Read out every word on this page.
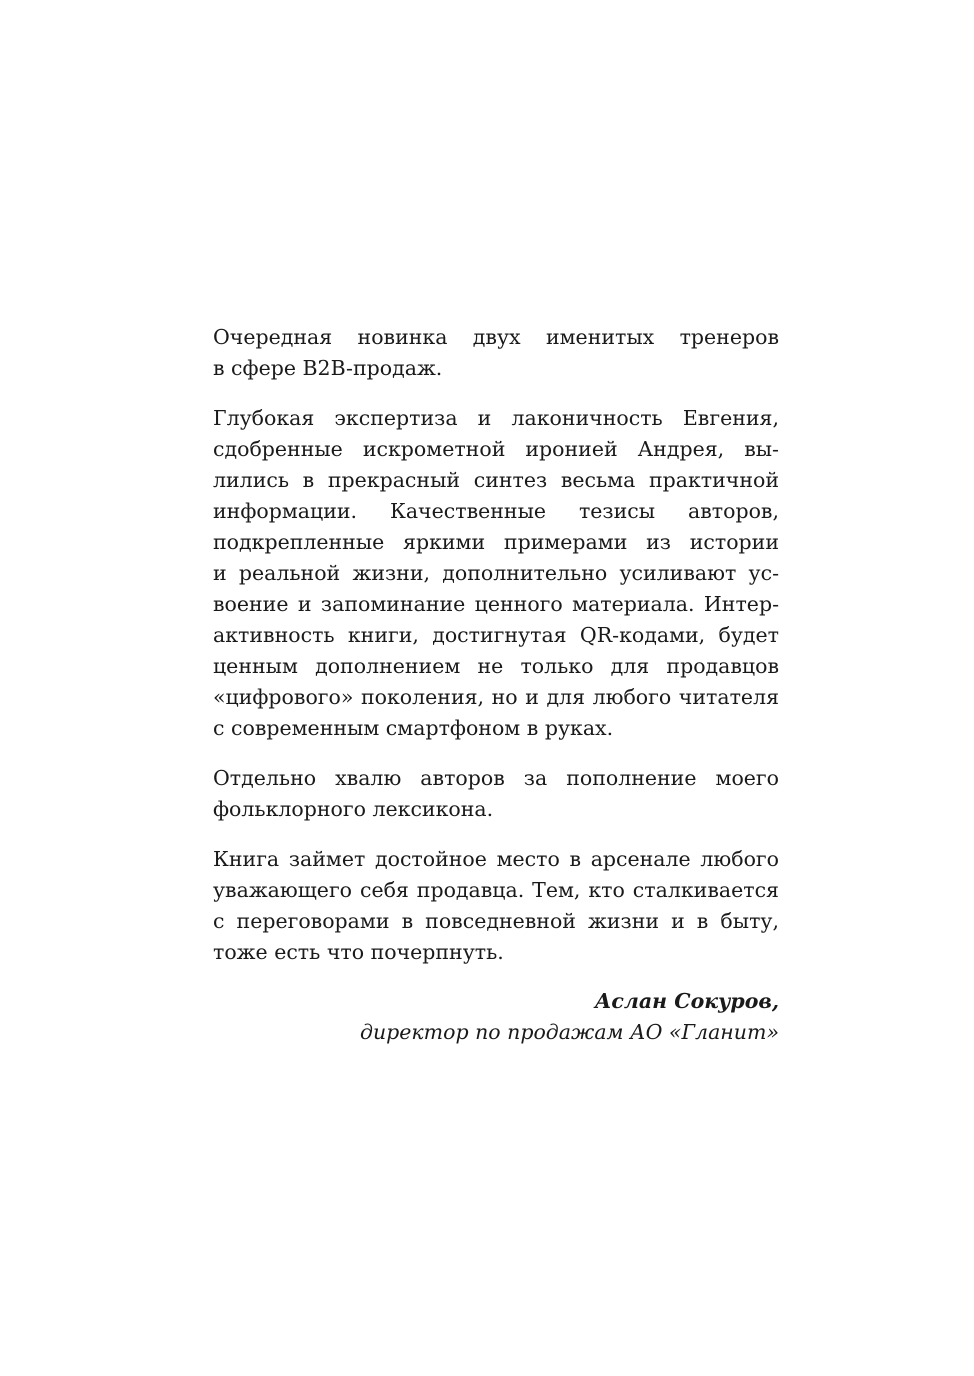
Очередная новинка двух именитых тренеров
в сфере B2B-продаж.
Глубокая экспертиза и лаконичность Евгения,
сдобренные искрометной иронией Андрея, вы-
лились в прекрасный синтез весьма практичной
информации. Качественные тезисы авторов,
подкрепленные яркими примерами из истории
и реальной жизни, дополнительно усиливают ус-
воение и запоминание ценного материала. Интер-
активность книги, достигнутая QR-кодами, будет
ценным дополнением не только для продавцов
«цифрового» поколения, но и для любого читателя
с современным смартфоном в руках.
Отдельно хвалю авторов за пополнение моего
фольклорного лексикона.
Книга займет достойное место в арсенале любого
уважающего себя продавца. Тем, кто сталкивается
с переговорами в повседневной жизни и в быту,
тоже есть что почерпнуть.
Аслан Сокуров,
директор по продажам АО «Гланит»
